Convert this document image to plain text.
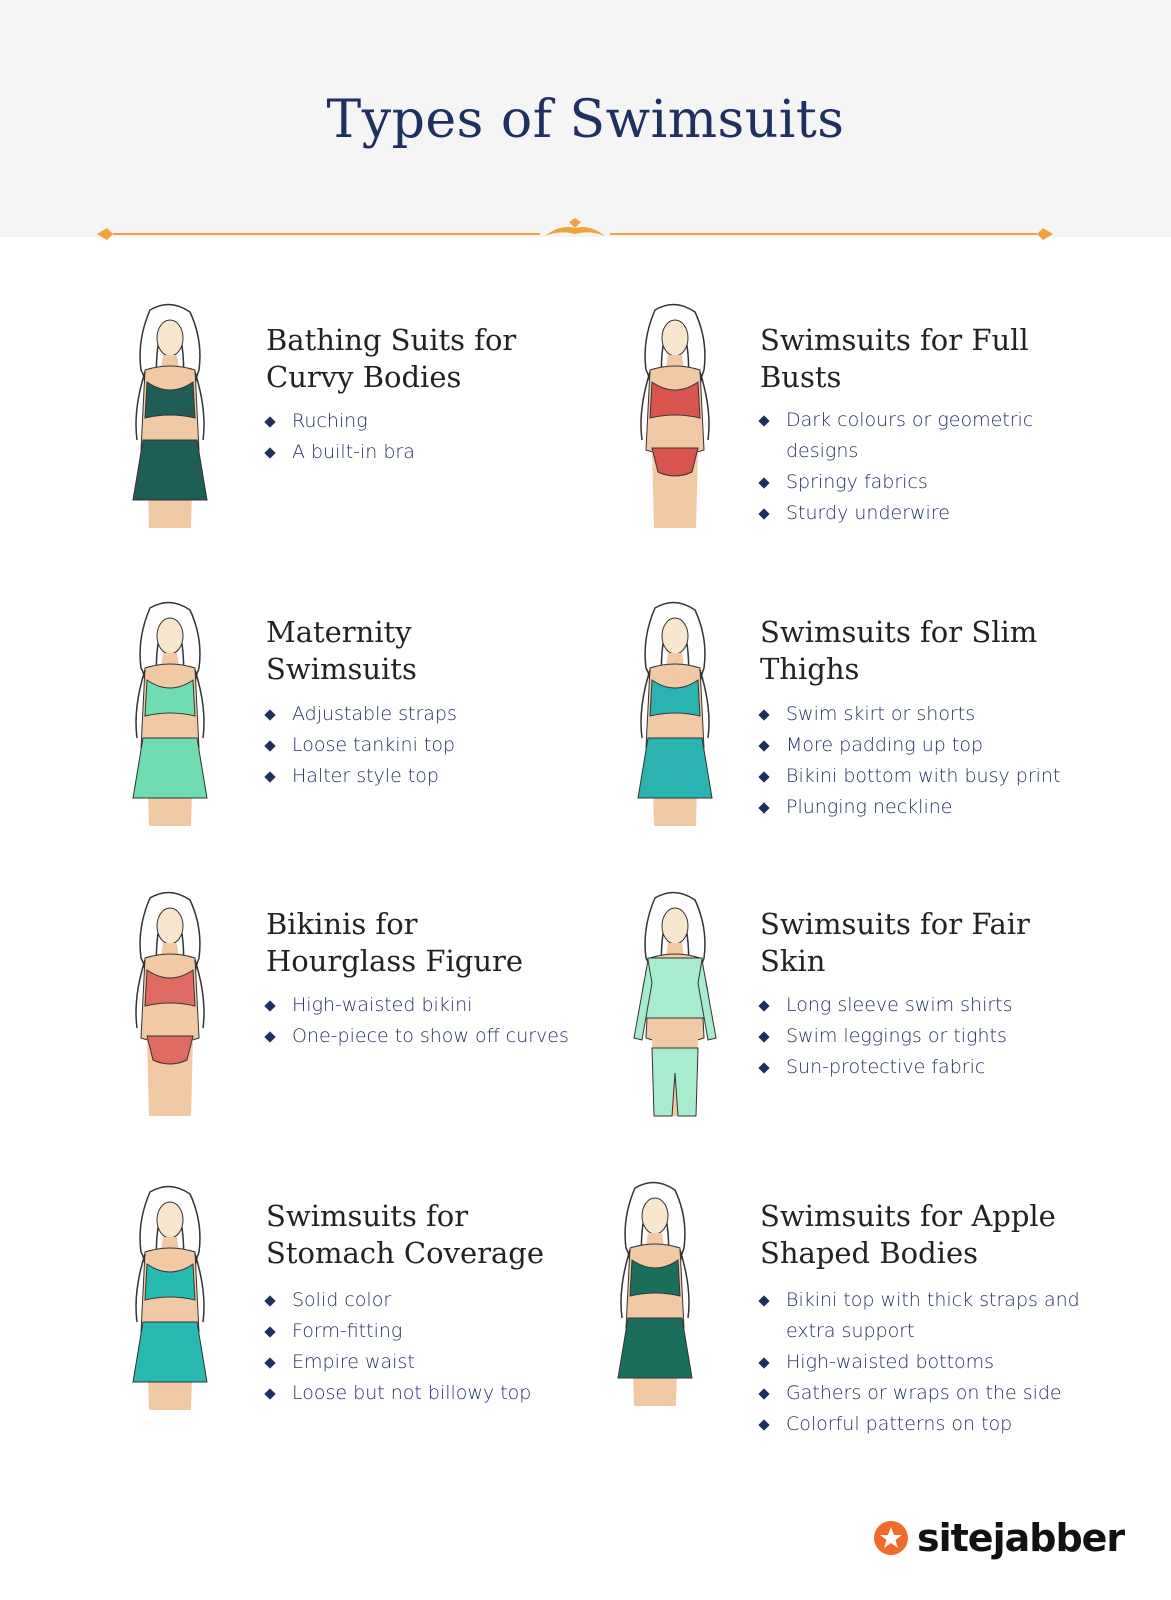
Types of Swimsuits
Bathing Suits for Curvy Bodies
Ruching
A built-in bra
Swimsuits for Full Busts
Dark colours or geometric designs
Springy fabrics
Sturdy underwire
Maternity Swimsuits
Adjustable straps
Loose tankini top
Halter style top
Swimsuits for Slim Thighs
Swim skirt or shorts
More padding up top
Bikini bottom with busy print
Plunging neckline
Bikinis for Hourglass Figure
High-waisted bikini
One-piece to show off curves
Swimsuits for Fair Skin
Long sleeve swim shirts
Swim leggings or tights
Sun-protective fabric
Swimsuits for Stomach Coverage
Solid color
Form-fitting
Empire waist
Loose but not billowy top
Swimsuits for Apple Shaped Bodies
Bikini top with thick straps and extra support
High-waisted bottoms
Gathers or wraps on the side
Colorful patterns on top
sitejabber
